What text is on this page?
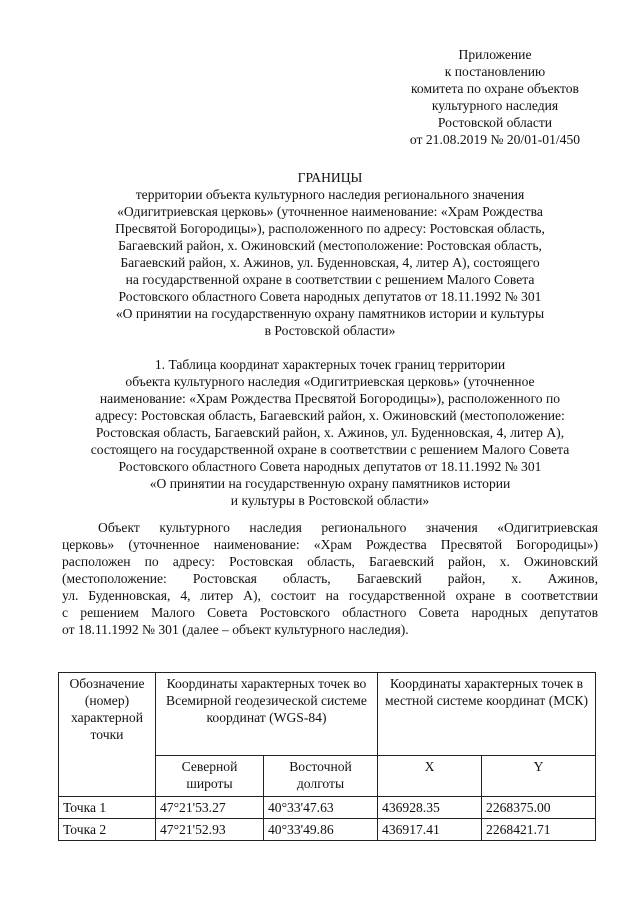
Приложение
к постановлению
комитета по охране объектов
культурного наследия
Ростовской области
от 21.08.2019 № 20/01-01/450
ГРАНИЦЫ
территории объекта культурного наследия регионального значения
«Одигитриевская церковь» (уточненное наименование: «Храм Рождества
Пресвятой Богородицы»), расположенного по адресу: Ростовская область,
Багаевский район, х. Ожиновский (местоположение: Ростовская область,
Багаевский район, х. Ажинов, ул. Буденновская, 4, литер А), состоящего
на государственной охране в соответствии с решением Малого Совета
Ростовского областного Совета народных депутатов от 18.11.1992 № 301
«О принятии на государственную охрану памятников истории и культуры
в Ростовской области»
1. Таблица координат характерных точек границ территории
объекта культурного наследия «Одигитриевская церковь» (уточненное
наименование: «Храм Рождества Пресвятой Богородицы»), расположенного по
адресу: Ростовская область, Багаевский район, х. Ожиновский (местоположение:
Ростовская область, Багаевский район, х. Ажинов, ул. Буденновская, 4, литер А),
состоящего на государственной охране в соответствии с решением Малого Совета
Ростовского областного Совета народных депутатов от 18.11.1992 № 301
«О принятии на государственную охрану памятников истории
и культуры в Ростовской области»
Объект культурного наследия регионального значения «Одигитриевская
церковь» (уточненное наименование: «Храм Рождества Пресвятой Богородицы»)
расположен по адресу: Ростовская область, Багаевский район, х. Ожиновский
(местоположение: Ростовская область, Багаевский район, х. Ажинов,
ул. Буденновская, 4, литер А), состоит на государственной охране в соответствии
с решением Малого Совета Ростовского областного Совета народных депутатов
от 18.11.1992 № 301 (далее – объект культурного наследия).
Обозначение (номер) характерной точки	Координаты характерных точек во Всемирной геодезической системе координат (WGS-84)		Координаты характерных точек в местной системе координат (МСК)	
	Северной широты	Восточной долготы	X	Y
Точка 1	47°21'53.27	40°33'47.63	436928.35	2268375.00
Точка 2	47°21'52.93	40°33'49.86	436917.41	2268421.71
